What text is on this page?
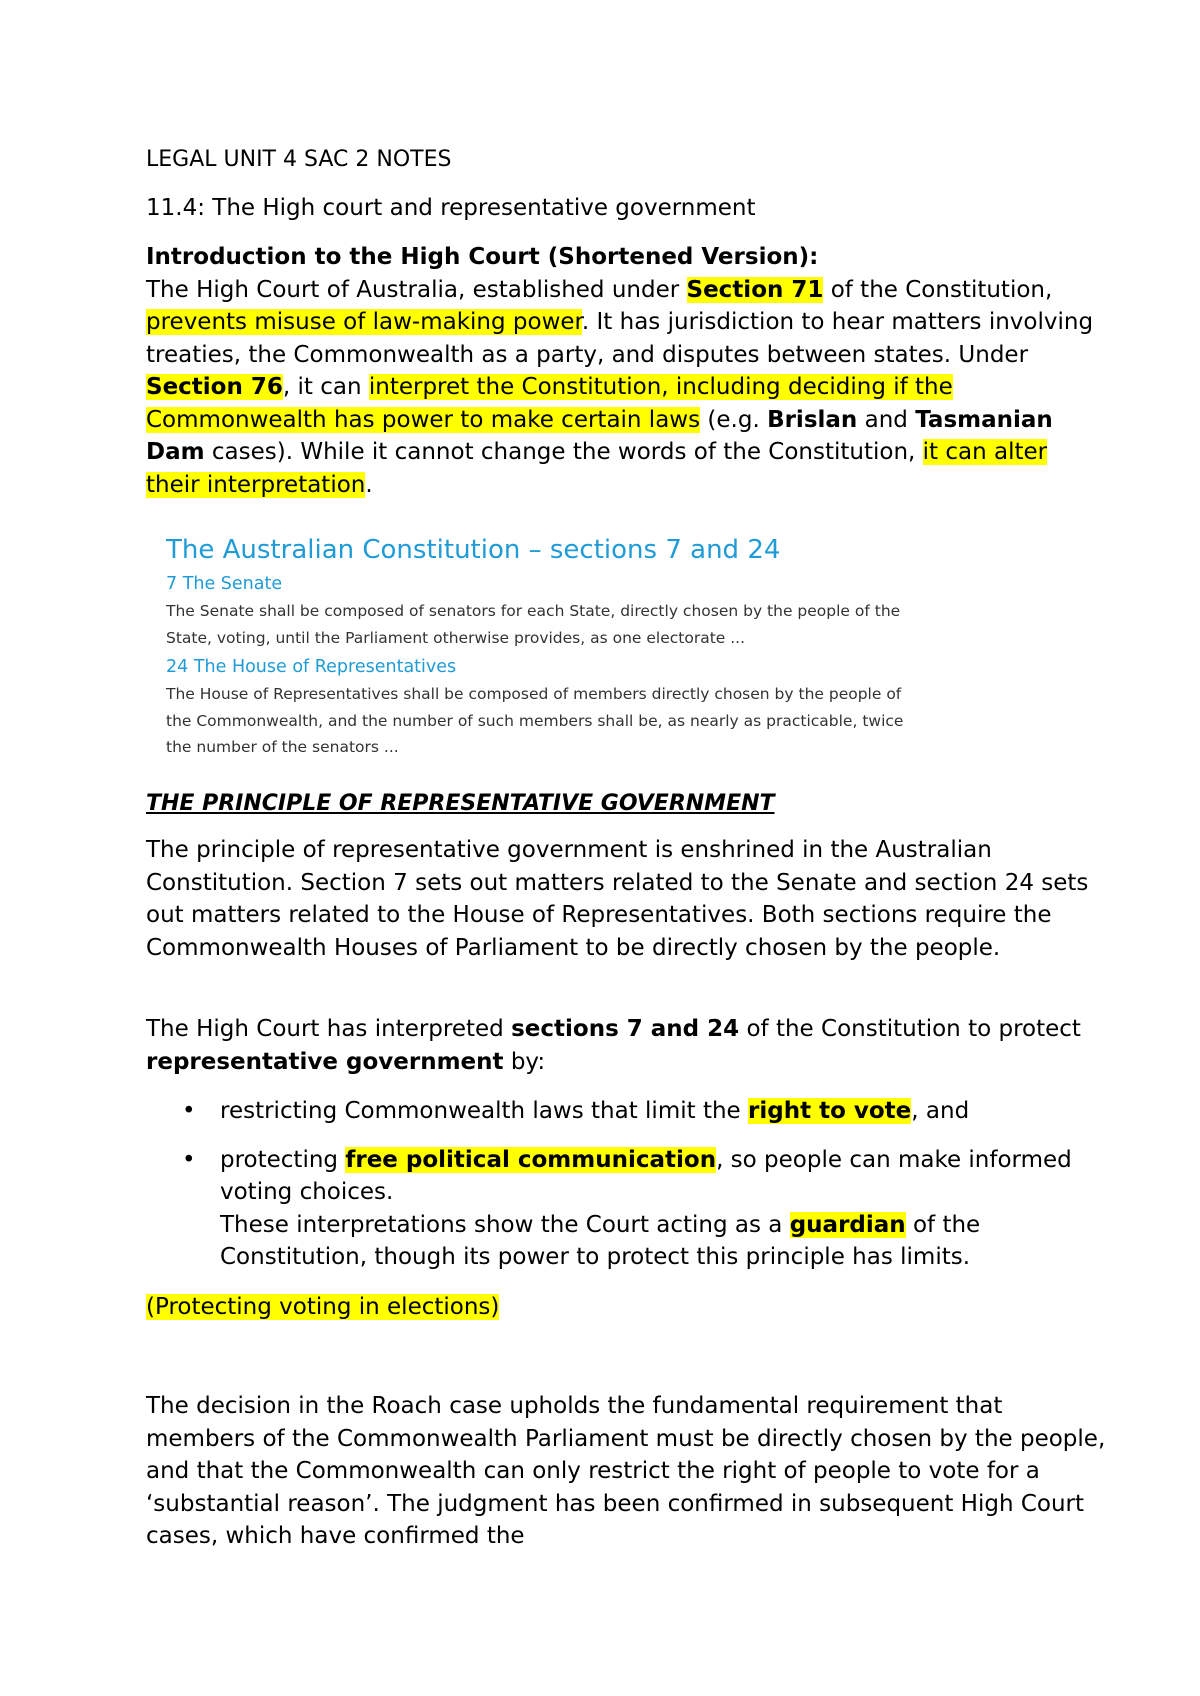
LEGAL UNIT 4 SAC 2 NOTES
11.4: The High court and representative government

Introduction to the High Court (Shortened Version):

The High Court of Australia, established under Section 71 of the Constitution, prevents misuse of law-making power. It has jurisdiction to hear matters involving treaties, the Commonwealth as a party, and disputes between states. Under Section 76, it can interpret the Constitution, including deciding if the Commonwealth has power to make certain laws (e.g. Brislan and Tasmanian Dam cases). While it cannot change the words of the Constitution, it can alter their interpretation.

The Australian Constitution – sections 7 and 24

7 The Senate

The Senate shall be composed of senators for each State, directly chosen by the people of the State, voting, until the Parliament otherwise provides, as one electorate ...

24 The House of Representatives

The House of Representatives shall be composed of members directly chosen by the people of the Commonwealth, and the number of such members shall be, as nearly as practicable, twice the number of the senators ...

THE PRINCIPLE OF REPRESENTATIVE GOVERNMENT

The principle of representative government is enshrined in the Australian Constitution. Section 7 sets out matters related to the Senate and section 24 sets out matters related to the House of Representatives. Both sections require the Commonwealth Houses of Parliament to be directly chosen by the people.

The High Court has interpreted sections 7 and 24 of the Constitution to protect representative government by:

• restricting Commonwealth laws that limit the right to vote, and
• protecting free political communication, so people can make informed voting choices.
These interpretations show the Court acting as a guardian of the Constitution, though its power to protect this principle has limits.
(Protecting voting in elections)

The decision in the Roach case upholds the fundamental requirement that members of the Commonwealth Parliament must be directly chosen by the people, and that the Commonwealth can only restrict the right of people to vote for a ‘substantial reason’. The judgment has been confirmed in subsequent High Court cases, which have confirmed the
